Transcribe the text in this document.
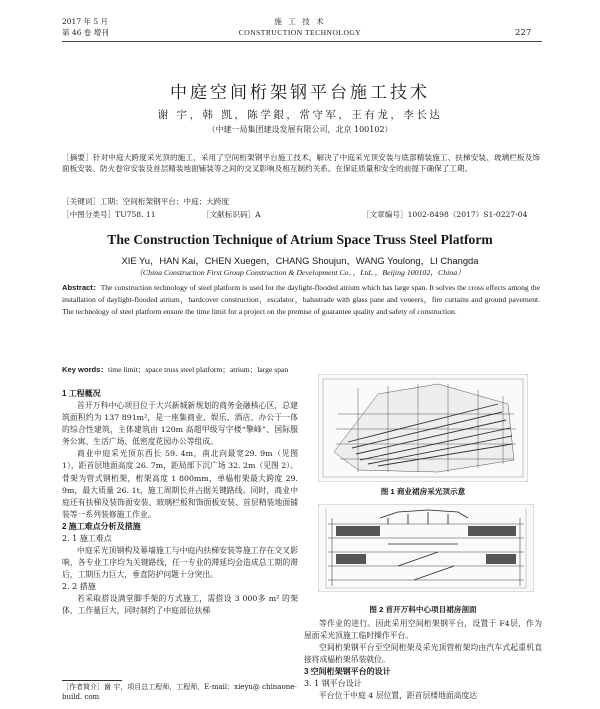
2017 年 5 月
第 46 卷 增刊
施 工 技 术
CONSTRUCTION TECHNOLOGY	227
中庭空间桁架钢平台施工技术
谢 宇，韩 凯，陈学銀，常守军，王有龙，李长达
（中建一局集团建设发展有限公司，北京 100102）
［摘要］针对中庭大跨度采光顶的施工，采用了空间桁架钢平台施工技术，解决了中庭采光顶安装与底部精装施工、扶梯安装、玻璃栏板及饰面板安装、防火卷帘安装及首层精装地面铺装等之间的交叉影响及相互制约关系。在保证质量和安全的前提下确保了工期。
［关键词］工期；空间桁架钢平台；中庭；大跨度
［中图分类号］TU758. 11	［文献标识码］A	［文章编号］1002-8498（2017）S1-0227-04
The Construction Technique of Atrium Space Truss Steel Platform
XIE Yu，HAN Kai，CHEN Xuegen，CHANG Shoujun，WANG Youlong，LI Changda
（China Construction First Group Construction & Development Co．，Ltd．，Beijing 100102，China）
Abstract：The construction technology of steel platform is used for the daylight-flooded atrium which has large span. It solves the cross effects among the installation of daylight-flooded atrium，hardcover construction，escalator，balustrade with glass pane and veneers，fire curtains and ground pavement. The technology of steel platform ensure the time limit for a project on the premise of guarantee quality and safety of construction.
Key words：time limit；space truss steel platform；atrium；large span
1 工程概况

首开万科中心项目位于大兴新城新规划的商务金融核心区，总建筑面积约为 137 891m²，是一座集商业、娱乐、酒店、办公于一体的综合性建筑，主体建筑由 120m 高超甲级写字楼“擎峰”、国际服务公寓、生活广场、低密度花园办公等组成。

商业中庭采光顶东西长 59. 4m，南北向最宽29. 9m（见图1），距首层地面高度 26. 7m，距局部下沉广场 32. 2m（见图 2）。骨架为管式钢桁架，桁架高度 1 800mm，单榀桁架最大跨度 29. 9m，最大质量 26. 1t，施工周期长并占据关键路线。同时，商业中庭还有扶梯及装饰面安装、玻璃栏板和饰面板安装、首层精装地面铺装等一系列装修施工作业。

2 施工难点分析及措施
2. 1 施工难点

中庭采光顶钢构及幕墙施工与中庭内扶梯安装等施工存在交叉影响，各专业工序均为关键路线，任一专业的滞延均会造成总工期的滞后，工期压力巨大，垂直防护问题十分突出。

2. 2 措施

若采取搭设满堂脚手架的方式施工，需搭设 3 000多 m² 的架体，工作量巨大，同时制约了中庭部位扶梯

［作者简介］谢 宇，项目总工程师，工程师，E-mail：xieyu@ chinaone-build. com
图 1 商业裙房采光顶示意
图 2 首开万科中心项目裙房剖面

等作业的进行。因此采用空间桁架钢平台，设置于 F4层，作为屋面采光顶施工临时操作平台。

空间桁架钢平台至空间桁架及采光顶管桁架均由汽车式起重机直接将成榀桁架吊装就位。

3 空间桁架钢平台的设计
3. 1 钢平台设计

平台位于中庭 4 层位置，距首层楼地面高度达
